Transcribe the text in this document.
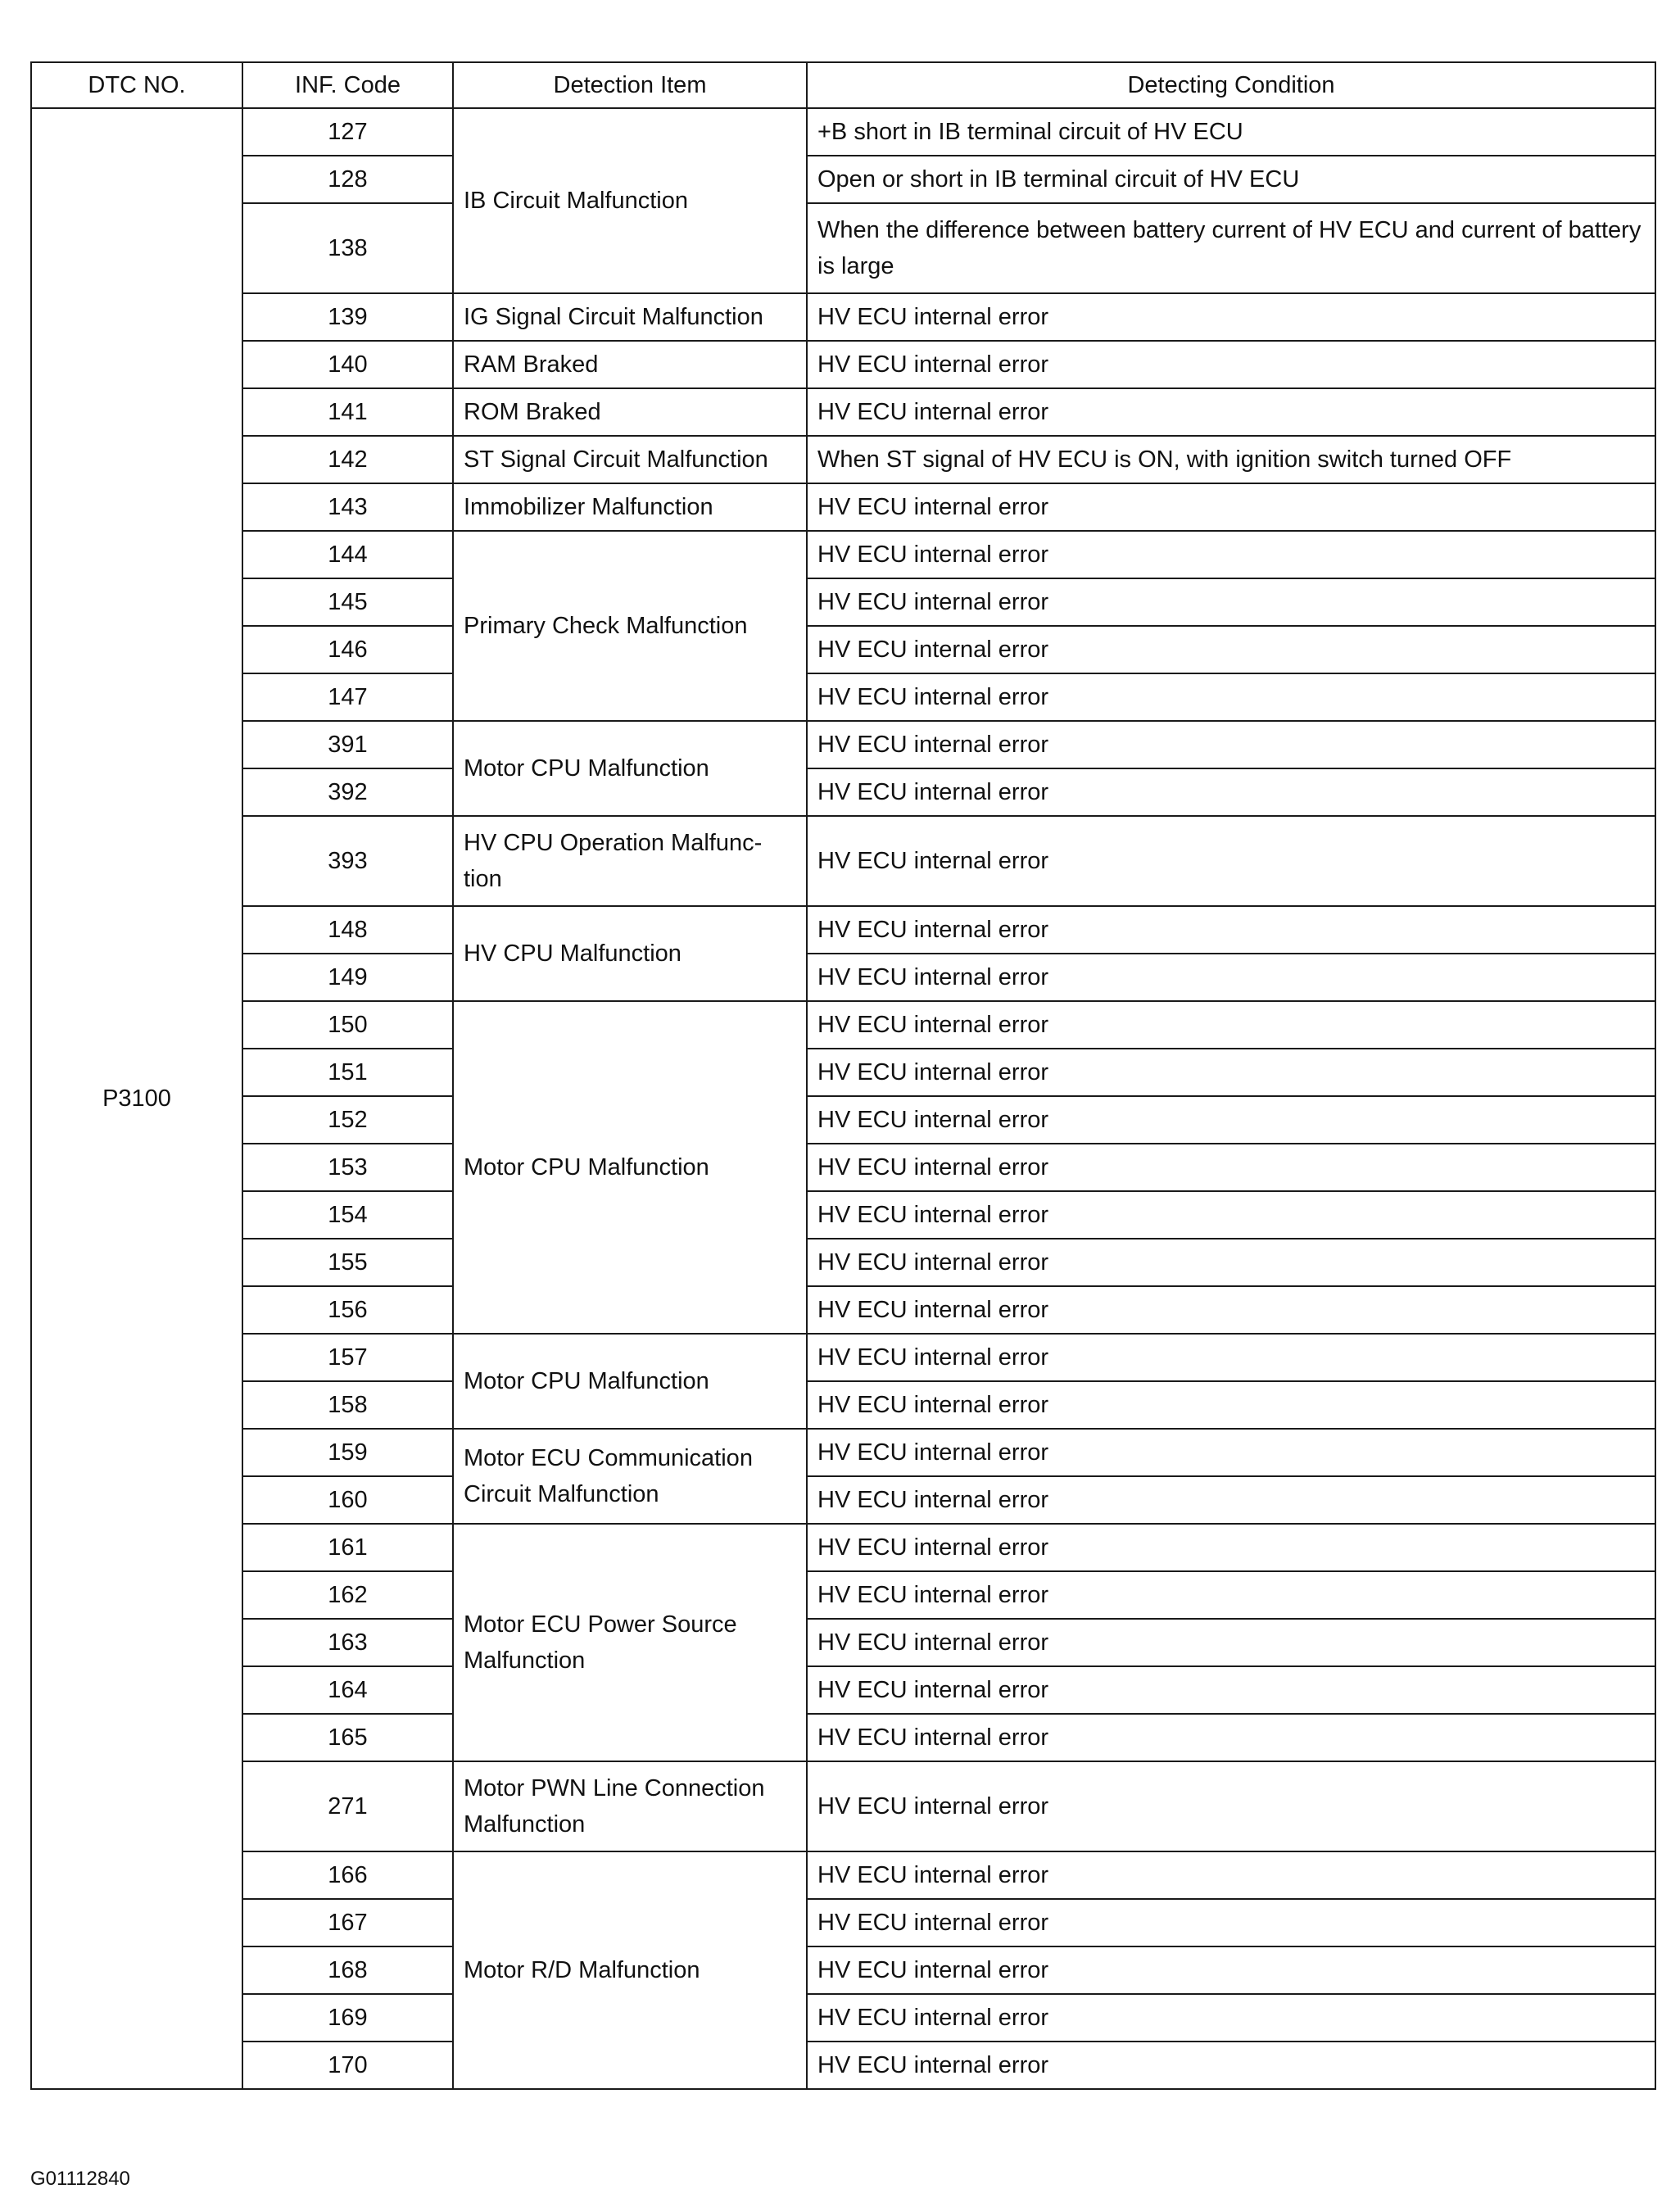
DTC NO.	INF. Code	Detection Item	Detecting Condition
P3100	127	IB Circuit Malfunction	+B short in IB terminal circuit of HV ECU
	128		Open or short in IB terminal circuit of HV ECU
	138		When the difference between battery current of HV ECU and current of battery is large
	139	IG Signal Circuit Malfunction	HV ECU internal error
	140	RAM Braked	HV ECU internal error
	141	ROM Braked	HV ECU internal error
	142	ST Signal Circuit Malfunction	When ST signal of HV ECU is ON, with ignition switch turned OFF
	143	Immobilizer Malfunction	HV ECU internal error
	144	Primary Check Malfunction	HV ECU internal error
	145		HV ECU internal error
	146		HV ECU internal error
	147		HV ECU internal error
	391	Motor CPU Malfunction	HV ECU internal error
	392		HV ECU internal error
	393	HV CPU Operation Malfunc-tion	HV ECU internal error
	148	HV CPU Malfunction	HV ECU internal error
	149		HV ECU internal error
	150	Motor CPU Malfunction	HV ECU internal error
	151		HV ECU internal error
	152		HV ECU internal error
	153		HV ECU internal error
	154		HV ECU internal error
	155		HV ECU internal error
	156		HV ECU internal error
	157	Motor CPU Malfunction	HV ECU internal error
	158		HV ECU internal error
	159	Motor ECU Communication Circuit Malfunction	HV ECU internal error
	160		HV ECU internal error
	161	Motor ECU Power Source Malfunction	HV ECU internal error
	162		HV ECU internal error
	163		HV ECU internal error
	164		HV ECU internal error
	165		HV ECU internal error
	271	Motor PWN Line Connection Malfunction	HV ECU internal error
	166	Motor R/D Malfunction	HV ECU internal error
	167		HV ECU internal error
	168		HV ECU internal error
	169		HV ECU internal error
	170		HV ECU internal error
G01112840
